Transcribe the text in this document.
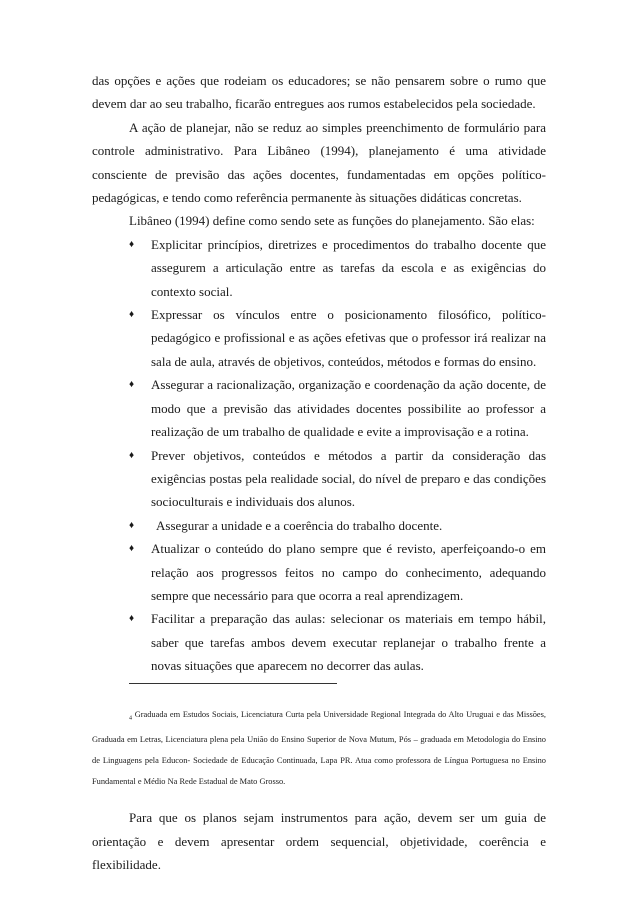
das opções e ações que rodeiam os educadores; se não pensarem sobre o rumo que devem dar ao seu trabalho, ficarão entregues aos rumos estabelecidos pela sociedade.

A ação de planejar, não se reduz ao simples preenchimento de formulário para controle administrativo. Para Libâneo (1994), planejamento é uma atividade consciente de previsão das ações docentes, fundamentadas em opções político-pedagógicas, e tendo como referência permanente às situações didáticas concretas.

Libâneo (1994) define como sendo sete as funções do planejamento. São elas:

♦ Explicitar princípios, diretrizes e procedimentos do trabalho docente que assegurem a articulação entre as tarefas da escola e as exigências do contexto social.
♦ Expressar os vínculos entre o posicionamento filosófico, político-pedagógico e profissional e as ações efetivas que o professor irá realizar na sala de aula, através de objetivos, conteúdos, métodos e formas do ensino.
♦ Assegurar a racionalização, organização e coordenação da ação docente, de modo que a previsão das atividades docentes possibilite ao professor a realização de um trabalho de qualidade e evite a improvisação e a rotina.
♦ Prever objetivos, conteúdos e métodos a partir da consideração das exigências postas pela realidade social, do nível de preparo e das condições socioculturais e individuais dos alunos.
♦ Assegurar a unidade e a coerência do trabalho docente.
♦ Atualizar o conteúdo do plano sempre que é revisto, aperfeiçoando-o em relação aos progressos feitos no campo do conhecimento, adequando sempre que necessário para que ocorra a real aprendizagem.
♦ Facilitar a preparação das aulas: selecionar os materiais em tempo hábil, saber que tarefas ambos devem executar replanejar o trabalho frente a novas situações que aparecem no decorrer das aulas.
$_4$ Graduada em Estudos Sociais, Licenciatura Curta pela Universidade Regional Integrada do Alto Uruguai e das Missões, Graduada em Letras, Licenciatura plena pela União do Ensino Superior de Nova Mutum, Pós – graduada em Metodologia do Ensino de Linguagens pela Educon- Sociedade de Educação Continuada, Lapa PR. Atua como professora de Língua Portuguesa no Ensino Fundamental e Médio Na Rede Estadual de Mato Grosso.

Para que os planos sejam instrumentos para ação, devem ser um guia de orientação e devem apresentar ordem sequencial, objetividade, coerência e flexibilidade.
